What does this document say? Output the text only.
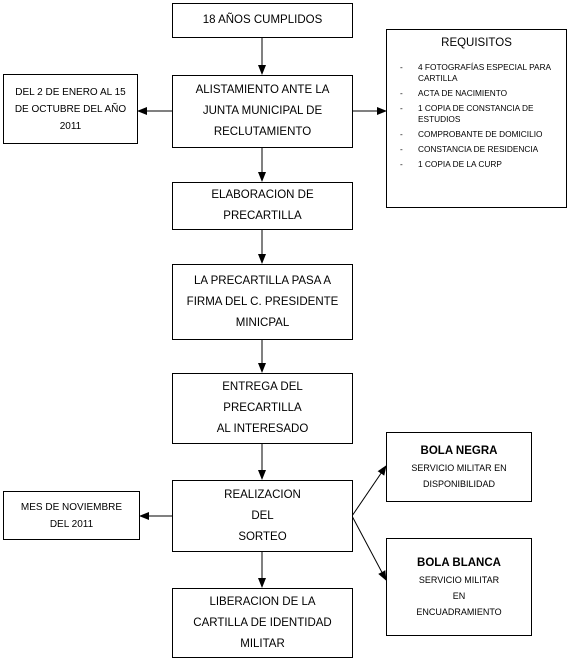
18 AÑOS CUMPLIDOS
ALISTAMIENTO ANTE LA
JUNTA MUNICIPAL DE
RECLUTAMIENTO
DEL 2 DE ENERO AL 15
DE OCTUBRE DEL AÑO
2011
REQUISITOS
- 4 FOTOGRAFÍAS ESPECIAL PARA CARTILLA
- ACTA DE NACIMIENTO
- 1 COPIA DE CONSTANCIA DE ESTUDIOS
- COMPROBANTE DE DOMICILIO
- CONSTANCIA DE RESIDENCIA
- 1 COPIA DE LA CURP
ELABORACION DE
PRECARTILLA
LA PRECARTILLA PASA A
FIRMA DEL C. PRESIDENTE
MINICPAL
ENTREGA DEL
PRECARTILLA
AL INTERESADO
REALIZACION
DEL
SORTEO
MES DE NOVIEMBRE
DEL 2011
BOLA NEGRA
SERVICIO MILITAR EN
DISPONIBILIDAD
BOLA BLANCA
SERVICIO MILITAR
EN
ENCUADRAMIENTO
LIBERACION DE LA
CARTILLA DE IDENTIDAD
MILITAR
